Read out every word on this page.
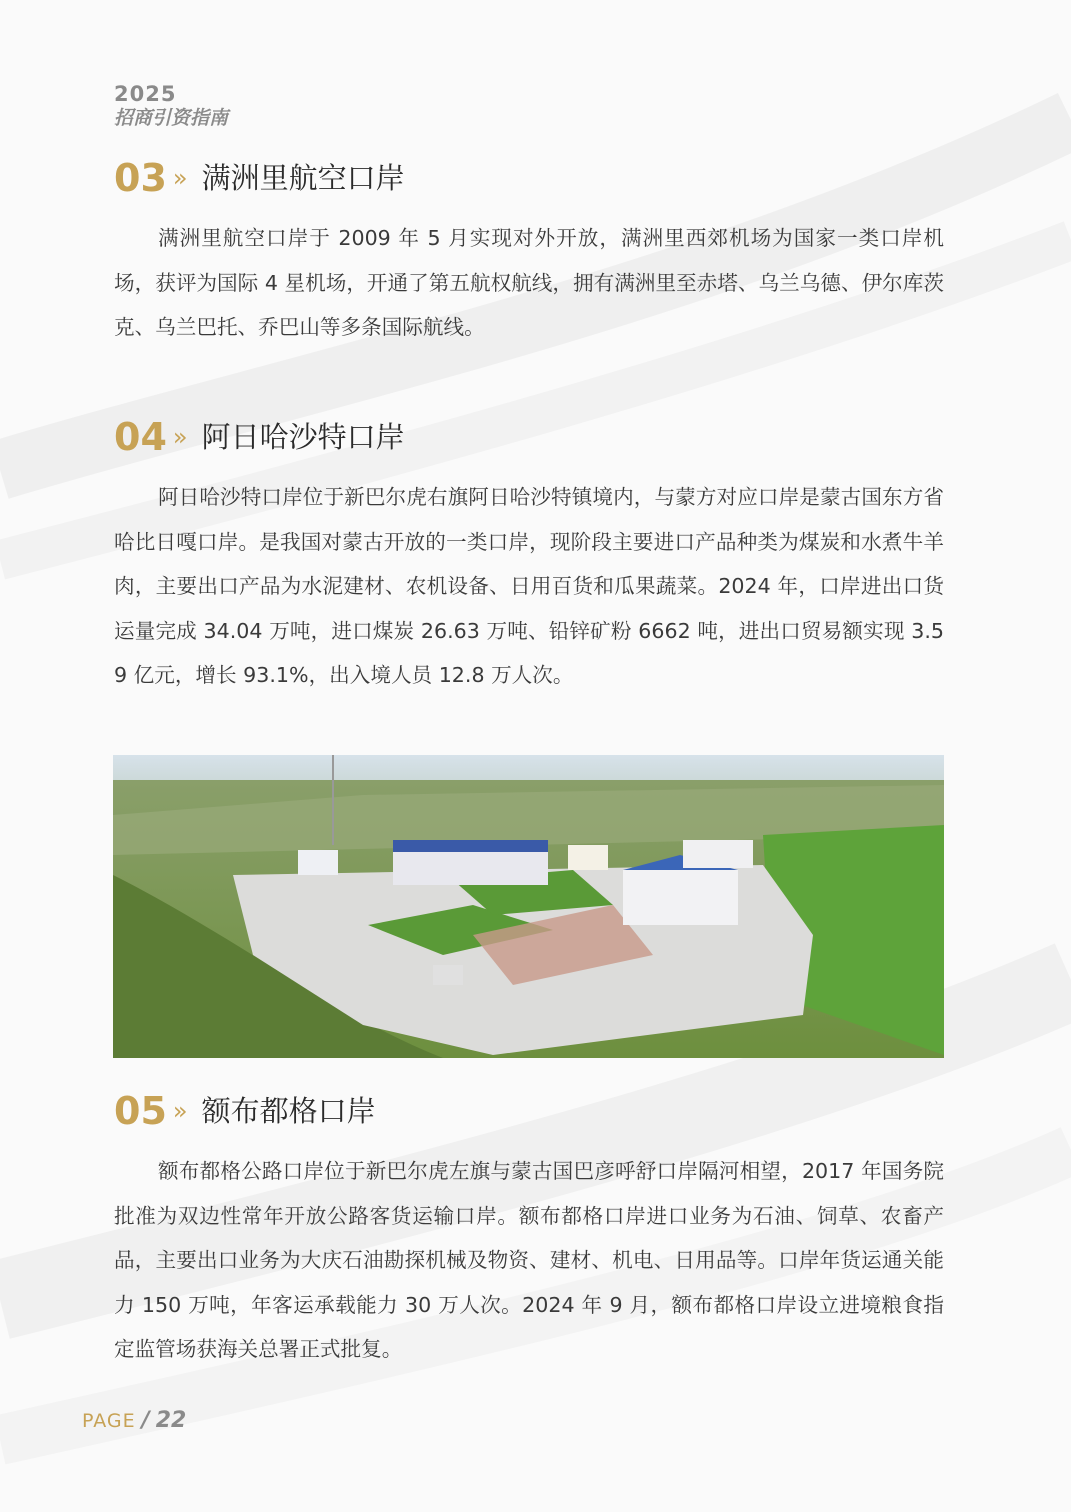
2025
招商引资指南
03 » 满洲里航空口岸

满洲里航空口岸于 2009 年 5 月实现对外开放，满洲里西郊机场为国家一类口岸机场，获评为国际 4 星机场，开通了第五航权航线，拥有满洲里至赤塔、乌兰乌德、伊尔库茨克、乌兰巴托、乔巴山等多条国际航线。

04 » 阿日哈沙特口岸

阿日哈沙特口岸位于新巴尔虎右旗阿日哈沙特镇境内，与蒙方对应口岸是蒙古国东方省哈比日嘎口岸。是我国对蒙古开放的一类口岸，现阶段主要进口产品种类为煤炭和水煮牛羊肉，主要出口产品为水泥建材、农机设备、日用百货和瓜果蔬菜。2024 年，口岸进出口货运量完成 34.04 万吨，进口煤炭 26.63 万吨、铅锌矿粉 6662 吨，进出口贸易额实现 3.59 亿元，增长 93.1%，出入境人员 12.8 万人次。

05 » 额布都格口岸

额布都格公路口岸位于新巴尔虎左旗与蒙古国巴彦呼舒口岸隔河相望，2017 年国务院批准为双边性常年开放公路客货运输口岸。额布都格口岸进口业务为石油、饲草、农畜产品，主要出口业务为大庆石油勘探机械及物资、建材、机电、日用品等。口岸年货运通关能力 150 万吨，年客运承载能力 30 万人次。2024 年 9 月，额布都格口岸设立进境粮食指定监管场获海关总署正式批复。

PAGE / 22
